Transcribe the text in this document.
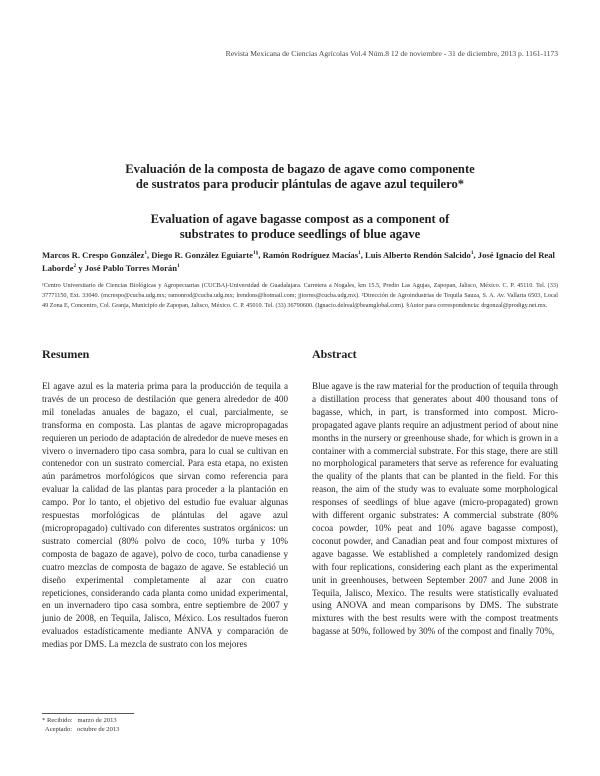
Revista Mexicana de Ciencias Agrícolas Vol.4 Núm.8 12 de noviembre - 31 de diciembre, 2013 p. 1161-1173
Evaluación de la composta de bagazo de agave como componente
de sustratos para producir plántulas de agave azul tequilero*
Evaluation of agave bagasse compost as a component of
substrates to produce seedlings of blue agave
Marcos R. Crespo González$^1$, Diego R. González Eguiarte$^{1\S}$, Ramón Rodríguez Macías$^1$, Luis Alberto Rendón Salcido$^1$, José Ignacio del Real Laborde$^2$ y José Pablo Torres Morán$^1$
¹Centro Universitario de Ciencias Biológicas y Agropecuarias (CUCBA)-Universidad de Guadalajara. Carretera a Nogales, km 15.5, Predio Las Agujas, Zapopan, Jalisco, México. C. P. 45110. Tel. (33) 37771150, Ext. 33040. (mcrespo@cucba.udg.mx; ramonrod@cucba.udg.mx; lrendons@hotmail.com; jjtorres@cucba.udg.mx). ²Dirección de Agroindustrias de Tequila Sauza, S. A. Av. Vallarta 6503, Local 49 Zona E, Concentro, Col. Granja, Municipio de Zapopan, Jalisco, México. C. P. 45010. Tel. (33) 36790600. (Ignacio.delreal@beamglobal.com). §Autor para correspondencia: drgonzal@prodigy.net.mx.
Resumen	Abstract

El agave azul es la materia prima para la producción de tequila a través de un proceso de destilación que genera alrededor de 400 mil toneladas anuales de bagazo, el cual, parcialmente, se transforma en composta. Las plantas de agave micropropagadas requieren un periodo de adaptación de alrededor de nueve meses en vivero o invernadero tipo casa sombra, para lo cual se cultivan en contenedor con un sustrato comercial. Para esta etapa, no existen aún parámetros morfológicos que sirvan como referencia para evaluar la calidad de las plantas para proceder a la plantación en campo. Por lo tanto, el objetivo del estudio fue evaluar algunas respuestas morfológicas de plántulas del agave azul (micropropagado) cultivado con diferentes sustratos orgánicos: un sustrato comercial (80% polvo de coco, 10% turba y 10% composta de bagazo de agave), polvo de coco, turba canadiense y cuatro mezclas de composta de bagazo de agave. Se estableció un diseño experimental completamente al azar con cuatro repeticiones, considerando cada planta como unidad experimental, en un invernadero tipo casa sombra, entre septiembre de 2007 y junio de 2008, en Tequila, Jalisco, México. Los resultados fueron evaluados estadísticamente mediante ANVA y comparación de medias por DMS. La mezcla de sustrato con los mejores

Blue agave is the raw material for the production of tequila through a distillation process that generates about 400 thousand tons of bagasse, which, in part, is transformed into compost. Micro-propagated agave plants require an adjustment period of about nine months in the nursery or greenhouse shade, for which is grown in a container with a commercial substrate. For this stage, there are still no morphological parameters that serve as reference for evaluating the quality of the plants that can be planted in the field. For this reason, the aim of the study was to evaluate some morphological responses of seedlings of blue agave (micro-propagated) grown with different organic substrates: A commercial substrate (80% cocoa powder, 10% peat and 10% agave bagasse compost), coconut powder, and Canadian peat and four compost mixtures of agave bagasse. We established a completely randomized design with four replications, considering each plant as the experimental unit in greenhouses, between September 2007 and June 2008 in Tequila, Jalisco, Mexico. The results were statistically evaluated using ANOVA and mean comparisons by DMS. The substrate mixtures with the best results were with the compost treatments bagasse at 50%, followed by 30% of the compost and finally 70%,

* Recibido:   marzo de 2013
Aceptado:   octubre de 2013
